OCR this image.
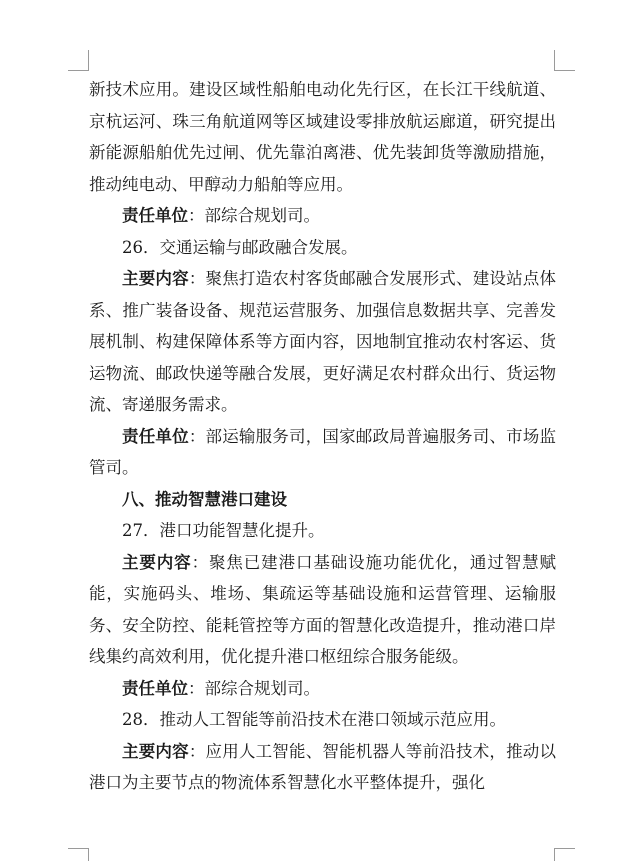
新技术应用。建设区域性船舶电动化先行区，在长江干线航道、京杭运河、珠三角航道网等区域建设零排放航运廊道，研究提出新能源船舶优先过闸、优先靠泊离港、优先装卸货等激励措施，推动纯电动、甲醇动力船舶等应用。

责任单位：部综合规划司。

26．交通运输与邮政融合发展。

主要内容：聚焦打造农村客货邮融合发展形式、建设站点体系、推广装备设备、规范运营服务、加强信息数据共享、完善发展机制、构建保障体系等方面内容，因地制宜推动农村客运、货运物流、邮政快递等融合发展，更好满足农村群众出行、货运物流、寄递服务需求。

责任单位：部运输服务司，国家邮政局普遍服务司、市场监管司。

八、推动智慧港口建设

27．港口功能智慧化提升。

主要内容：聚焦已建港口基础设施功能优化，通过智慧赋能，实施码头、堆场、集疏运等基础设施和运营管理、运输服务、安全防控、能耗管控等方面的智慧化改造提升，推动港口岸线集约高效利用，优化提升港口枢纽综合服务能级。

责任单位：部综合规划司。

28．推动人工智能等前沿技术在港口领域示范应用。

主要内容：应用人工智能、智能机器人等前沿技术，推动以港口为主要节点的物流体系智慧化水平整体提升，强化
